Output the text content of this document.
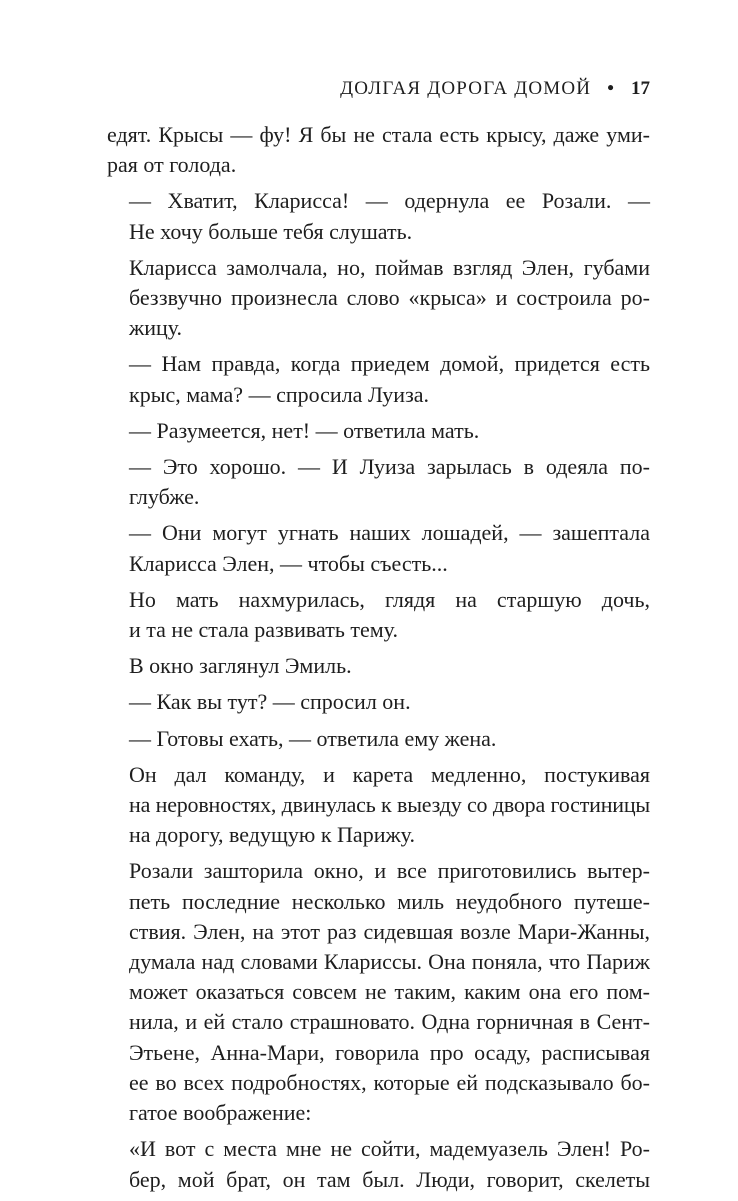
ДОЛГАЯ ДОРОГА ДОМОЙ • 17
едят. Крысы — фу! Я бы не стала есть крысу, даже уми-
рая от голода.
— Хватит, Кларисса! — одернула ее Розали. —
Не хочу больше тебя слушать.
Кларисса замолчала, но, поймав взгляд Элен, губами
беззвучно произнесла слово «крыса» и состроила ро-
жицу.
— Нам правда, когда приедем домой, придется есть
крыс, мама? — спросила Луиза.
— Разумеется, нет! — ответила мать.
— Это хорошо. — И Луиза зарылась в одеяла по-
глубже.
— Они могут угнать наших лошадей, — зашептала
Кларисса Элен, — чтобы съесть...
Но мать нахмурилась, глядя на старшую дочь,
и та не стала развивать тему.
В окно заглянул Эмиль.
— Как вы тут? — спросил он.
— Готовы ехать, — ответила ему жена.
Он дал команду, и карета медленно, постукивая
на неровностях, двинулась к выезду со двора гостиницы
на дорогу, ведущую к Парижу.
Розали зашторила окно, и все приготовились вытер-
петь последние несколько миль неудобного путеше-
ствия. Элен, на этот раз сидевшая возле Мари-Жанны,
думала над словами Клариссы. Она поняла, что Париж
может оказаться совсем не таким, каким она его пом-
нила, и ей стало страшновато. Одна горничная в Сент-
Этьене, Анна-Мари, говорила про осаду, расписывая
ее во всех подробностях, которые ей подсказывало бо-
гатое воображение:
«И вот с места мне не сойти, мадемуазель Элен! Ро-
бер, мой брат, он там был. Люди, говорит, скелеты
